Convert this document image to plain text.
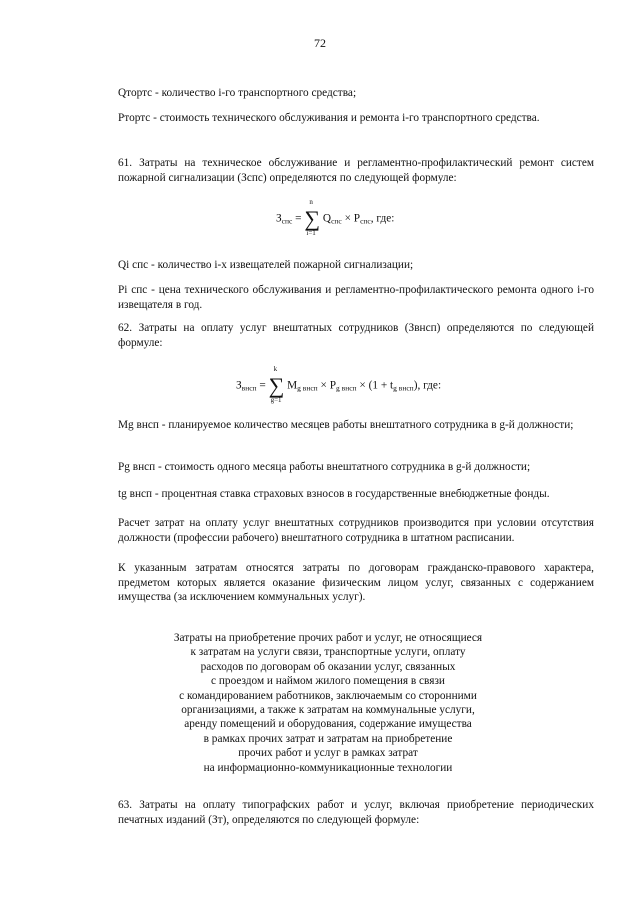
72

Qтортс - количество i-го транспортного средства;

Ртортс - стоимость технического обслуживания и ремонта i-го транспортного средства.

61. Затраты на техническое обслуживание и регламентно-профилактический ремонт систем пожарной сигнализации (Зспс) определяются по следующей формуле:

$З_{спс}$ = ∑
n
i=1
$Q_{спс} \times P_{спс}$, где:

Qi спс - количество i-х извещателей пожарной сигнализации;

Рi спс - цена технического обслуживания и регламентно-профилактического ремонта одного i-го извещателя в год.

62. Затраты на оплату услуг внештатных сотрудников (Звнсп) определяются по следующей формуле:

$З_{внсп}$ = ∑
k
g=1
$M_{g внсп} \times P_{g внсп} \times (1 + t_{g внсп})$, где:

Mg внсп - планируемое количество месяцев работы внештатного сотрудника в g-й должности;

Рg внсп - стоимость одного месяца работы внештатного сотрудника в g-й должности;

tg внсп - процентная ставка страховых взносов в государственные внебюджетные фонды.

Расчет затрат на оплату услуг внештатных сотрудников производится при условии отсутствия должности (профессии рабочего) внештатного сотрудника в штатном расписании.

К указанным затратам относятся затраты по договорам гражданско-правового характера, предметом которых является оказание физическим лицом услуг, связанных с содержанием имущества (за исключением коммунальных услуг).

Затраты на приобретение прочих работ и услуг, не относящиеся
к затратам на услуги связи, транспортные услуги, оплату
расходов по договорам об оказании услуг, связанных
с проездом и наймом жилого помещения в связи
с командированием работников, заключаемым со сторонними
организациями, а также к затратам на коммунальные услуги,
аренду помещений и оборудования, содержание имущества
в рамках прочих затрат и затратам на приобретение
прочих работ и услуг в рамках затрат
на информационно-коммуникационные технологии

63. Затраты на оплату типографских работ и услуг, включая приобретение периодических печатных изданий (Зт), определяются по следующей формуле:
